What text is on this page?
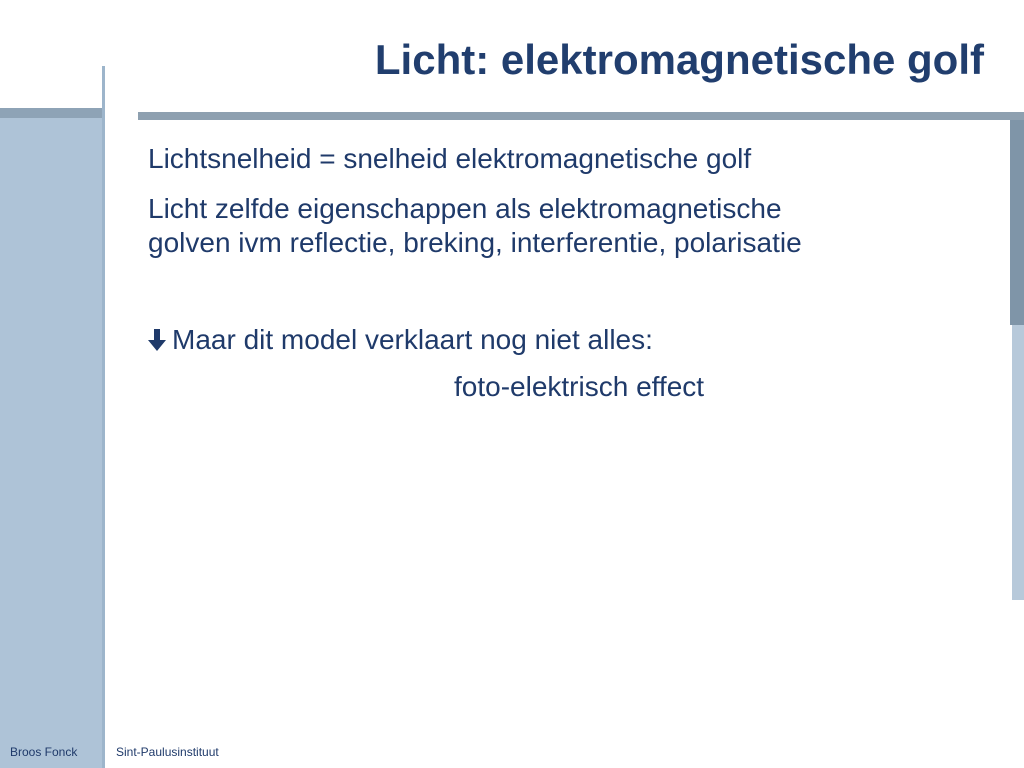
Licht: elektromagnetische golf
Lichtsnelheid = snelheid elektromagnetische golf
Licht zelfde eigenschappen als elektromagnetische
golven ivm reflectie, breking, interferentie, polarisatie
Maar dit model verklaart nog niet alles:
foto-elektrisch effect
Broos Fonck	Sint-Paulusinstituut
